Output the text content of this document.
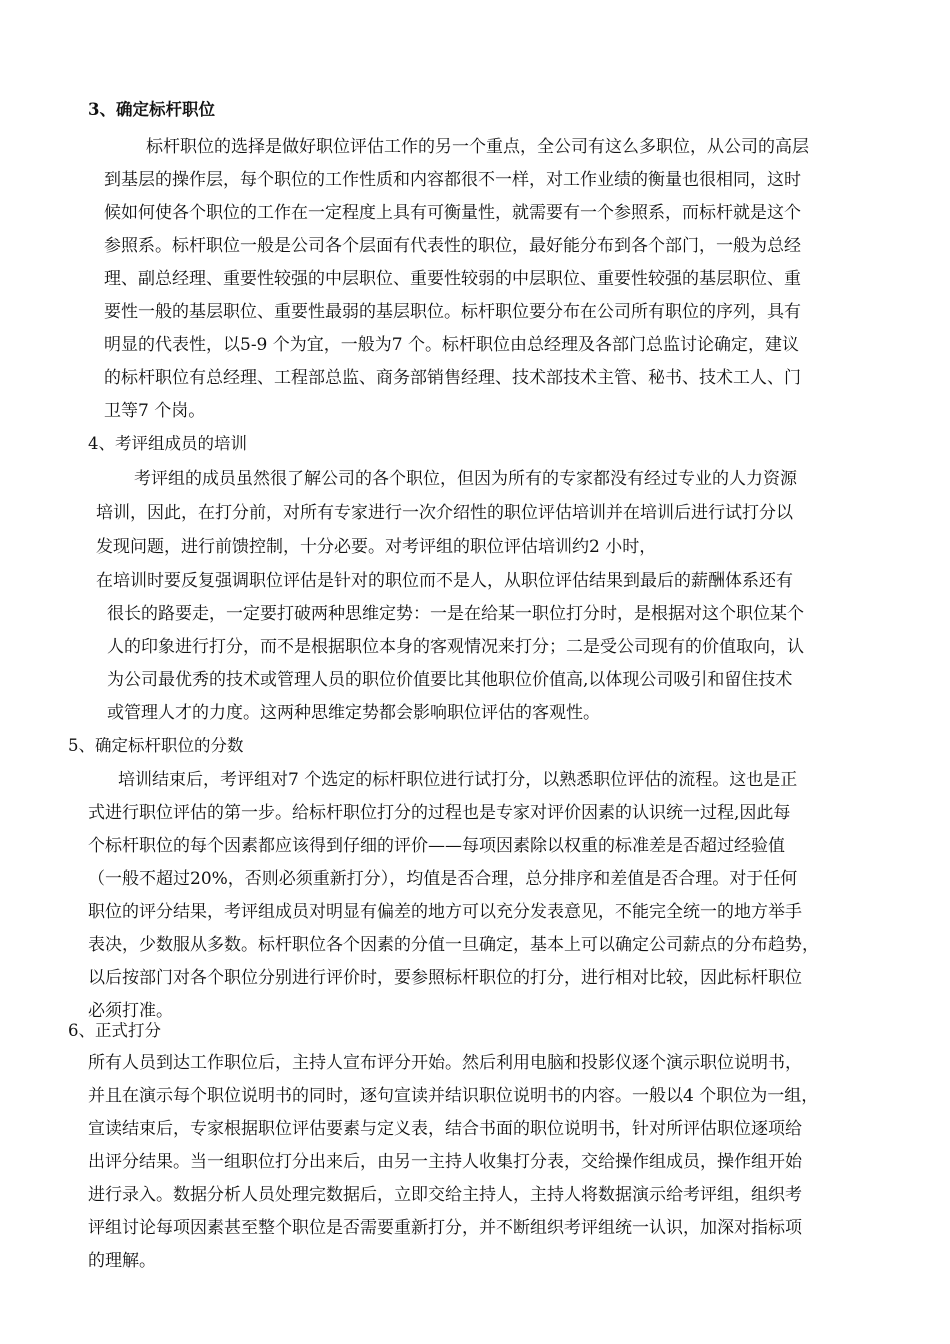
3、确定标杆职位
标杆职位的选择是做好职位评估工作的另一个重点，全公司有这么多职位，从公司的高层
到基层的操作层，每个职位的工作性质和内容都很不一样，对工作业绩的衡量也很相同，这时
候如何使各个职位的工作在一定程度上具有可衡量性，就需要有一个参照系，而标杆就是这个
参照系。标杆职位一般是公司各个层面有代表性的职位，最好能分布到各个部门，一般为总经
理、副总经理、重要性较强的中层职位、重要性较弱的中层职位、重要性较强的基层职位、重
要性一般的基层职位、重要性最弱的基层职位。标杆职位要分布在公司所有职位的序列，具有
明显的代表性，以5-9 个为宜，一般为7 个。标杆职位由总经理及各部门总监讨论确定，建议
的标杆职位有总经理、工程部总监、商务部销售经理、技术部技术主管、秘书、技术工人、门
卫等7 个岗。
4、考评组成员的培训
考评组的成员虽然很了解公司的各个职位，但因为所有的专家都没有经过专业的人力资源
培训，因此，在打分前，对所有专家进行一次介绍性的职位评估培训并在培训后进行试打分以
发现问题，进行前馈控制，十分必要。对考评组的职位评估培训约2 小时，
在培训时要反复强调职位评估是针对的职位而不是人，从职位评估结果到最后的薪酬体系还有
很长的路要走，一定要打破两种思维定势：一是在给某一职位打分时，是根据对这个职位某个
人的印象进行打分，而不是根据职位本身的客观情况来打分；二是受公司现有的价值取向，认
为公司最优秀的技术或管理人员的职位价值要比其他职位价值高,以体现公司吸引和留住技术
或管理人才的力度。这两种思维定势都会影响职位评估的客观性。
5、确定标杆职位的分数
培训结束后，考评组对7 个选定的标杆职位进行试打分，以熟悉职位评估的流程。这也是正
式进行职位评估的第一步。给标杆职位打分的过程也是专家对评价因素的认识统一过程,因此每
个标杆职位的每个因素都应该得到仔细的评价——每项因素除以权重的标准差是否超过经验值
（一般不超过20%，否则必须重新打分），均值是否合理，总分排序和差值是否合理。对于任何
职位的评分结果，考评组成员对明显有偏差的地方可以充分发表意见，不能完全统一的地方举手
表决，少数服从多数。标杆职位各个因素的分值一旦确定，基本上可以确定公司薪点的分布趋势，
以后按部门对各个职位分别进行评价时，要参照标杆职位的打分，进行相对比较，因此标杆职位
必须打准。
6、正式打分
所有人员到达工作职位后，主持人宣布评分开始。然后利用电脑和投影仪逐个演示职位说明书，
并且在演示每个职位说明书的同时，逐句宣读并结识职位说明书的内容。一般以4 个职位为一组，
宣读结束后，专家根据职位评估要素与定义表，结合书面的职位说明书，针对所评估职位逐项给
出评分结果。当一组职位打分出来后，由另一主持人收集打分表，交给操作组成员，操作组开始
进行录入。数据分析人员处理完数据后，立即交给主持人，主持人将数据演示给考评组，组织考
评组讨论每项因素甚至整个职位是否需要重新打分，并不断组织考评组统一认识，加深对指标项
的理解。
